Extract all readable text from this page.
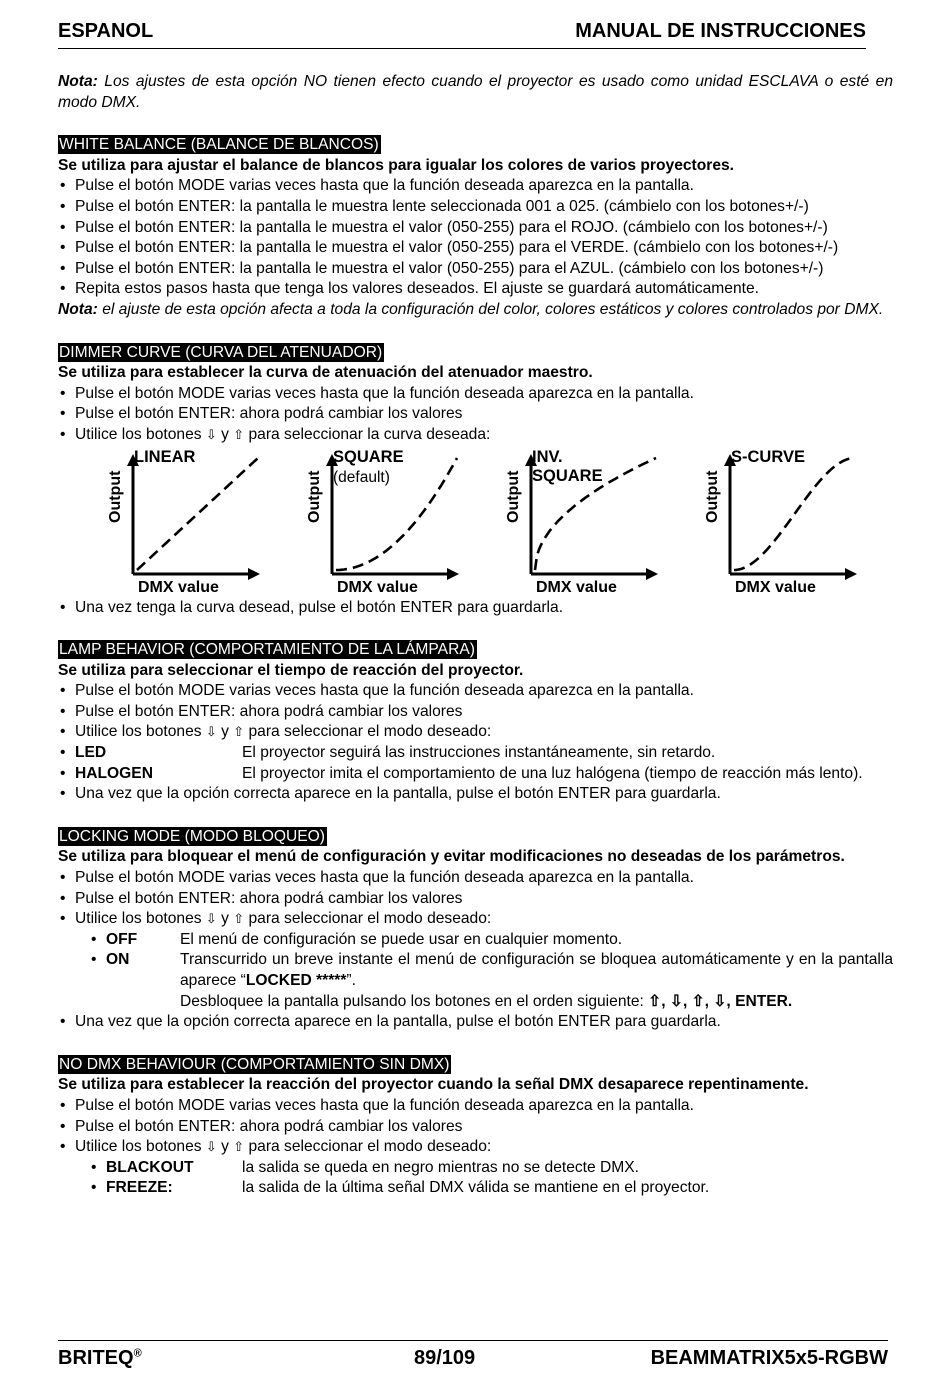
ESPANOL	MANUAL DE INSTRUCCIONES

Nota: Los ajustes de esta opción NO tienen efecto cuando el proyector es usado como unidad ESCLAVA o esté en modo DMX.

WHITE BALANCE (BALANCE DE BLANCOS)

Se utiliza para ajustar el balance de blancos para igualar los colores de varios proyectores.

• Pulse el botón MODE varias veces hasta que la función deseada aparezca en la pantalla.
• Pulse el botón ENTER: la pantalla le muestra lente seleccionada 001 a 025. (cámbielo con los botones+/-)
• Pulse el botón ENTER: la pantalla le muestra el valor (050-255) para el ROJO. (cámbielo con los botones+/-)
• Pulse el botón ENTER: la pantalla le muestra el valor (050-255) para el VERDE. (cámbielo con los botones+/-)
• Pulse el botón ENTER: la pantalla le muestra el valor (050-255) para el AZUL. (cámbielo con los botones+/-)
• Repita estos pasos hasta que tenga los valores deseados. El ajuste se guardará automáticamente.

Nota: el ajuste de esta opción afecta a toda la configuración del color, colores estáticos y colores controlados por DMX.

DIMMER CURVE (CURVA DEL ATENUADOR)

Se utiliza para establecer la curva de atenuación del atenuador maestro.

• Pulse el botón MODE varias veces hasta que la función deseada aparezca en la pantalla.
• Pulse el botón ENTER: ahora podrá cambiar los valores
• Utilice los botones ⇩ y ⇧ para seleccionar la curva deseada:
LINEAR
Output
DMX value
SQUARE
(default)
Output
DMX value
INV.
SQUARE
Output
DMX value
S-CURVE
Output
DMX value
• Una vez tenga la curva desead, pulse el botón ENTER para guardarla.
LAMP BEHAVIOR (COMPORTAMIENTO DE LA LÁMPARA)

Se utiliza para seleccionar el tiempo de reacción del proyector.

• Pulse el botón MODE varias veces hasta que la función deseada aparezca en la pantalla.
• Pulse el botón ENTER: ahora podrá cambiar los valores
• Utilice los botones ⇩ y ⇧ para seleccionar el modo deseado:
• LED	El proyector seguirá las instrucciones instantáneamente, sin retardo.
• HALOGEN	El proyector imita el comportamiento de una luz halógena (tiempo de reacción más lento).
• Una vez que la opción correcta aparece en la pantalla, pulse el botón ENTER para guardarla.
LOCKING MODE (MODO BLOQUEO)

Se utiliza para bloquear el menú de configuración y evitar modificaciones no deseadas de los parámetros.

• Pulse el botón MODE varias veces hasta que la función deseada aparezca en la pantalla.
• Pulse el botón ENTER: ahora podrá cambiar los valores
• Utilice los botones ⇩ y ⇧ para seleccionar el modo deseado:
• OFF	El menú de configuración se puede usar en cualquier momento.
• ON	Transcurrido un breve instante el menú de configuración se bloquea automáticamente y en la pantalla aparece “LOCKED *****”.
Desbloquee la pantalla pulsando los botones en el orden siguiente: ⇧, ⇩, ⇧, ⇩, ENTER.
• Una vez que la opción correcta aparece en la pantalla, pulse el botón ENTER para guardarla.
NO DMX BEHAVIOUR (COMPORTAMIENTO SIN DMX)

Se utiliza para establecer la reacción del proyector cuando la señal DMX desaparece repentinamente.

• Pulse el botón MODE varias veces hasta que la función deseada aparezca en la pantalla.
• Pulse el botón ENTER: ahora podrá cambiar los valores
• Utilice los botones ⇩ y ⇧ para seleccionar el modo deseado:
• BLACKOUT	la salida se queda en negro mientras no se detecte DMX.
• FREEZE:	la salida de la última señal DMX válida se mantiene en el proyector.
BRITEQ®	89/109	BEAMMATRIX5x5-RGBW
